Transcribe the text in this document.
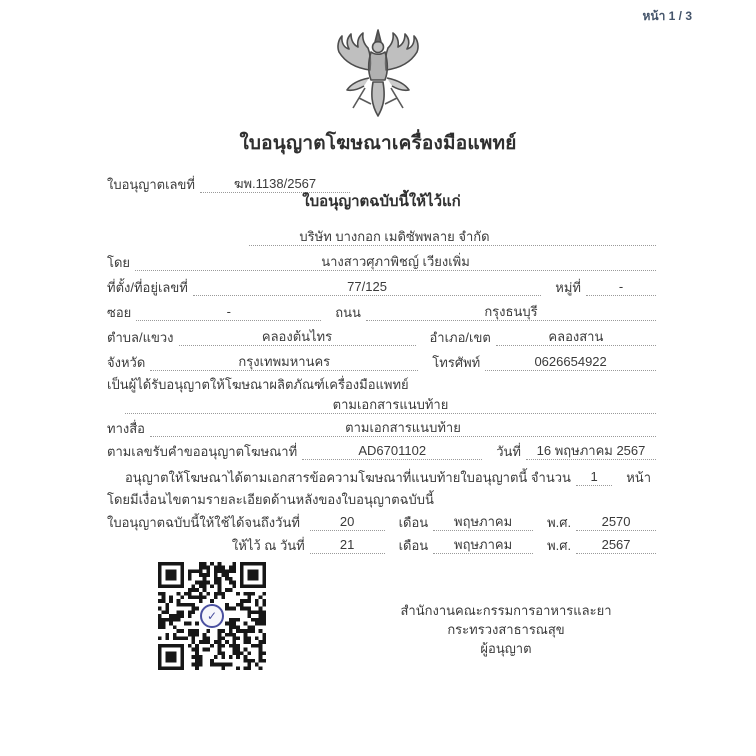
หน้า 1 / 3
ใบอนุญาตโฆษณาเครื่องมือแพทย์
ใบอนุญาตเลขที่	ฆพ.1138/2567
ใบอนุญาตฉบับนี้ให้ไว้แก่
บริษัท บางกอก เมดิซัพพลาย จำกัด
โดย	นางสาวศุภาพิชญ์ เวียงเพิ่ม
ที่ตั้ง/ที่อยู่เลขที่	77/125	หมู่ที่	-
ซอย	-	ถนน	กรุงธนบุรี
ตำบล/แขวง	คลองต้นไทร	อำเภอ/เขต	คลองสาน
จังหวัด	กรุงเทพมหานคร	โทรศัพท์	0626654922
เป็นผู้ได้รับอนุญาตให้โฆษณาผลิตภัณฑ์เครื่องมือแพทย์
ตามเอกสารแนบท้าย
ทางสื่อ	ตามเอกสารแนบท้าย
ตามเลขรับคำขออนุญาตโฆษณาที่	AD6701102	วันที่	16 พฤษภาคม 2567
อนุญาตให้โฆษณาได้ตามเอกสารข้อความโฆษณาที่แนบท้ายใบอนุญาตนี้ จำนวน	1	หน้า
โดยมีเงื่อนไขตามรายละเอียดด้านหลังของใบอนุญาตฉบับนี้
ใบอนุญาตฉบับนี้ให้ใช้ได้จนถึงวันที่	20	เดือน	พฤษภาคม	พ.ศ.	2570
ให้ไว้ ณ วันที่	21	เดือน	พฤษภาคม	พ.ศ.	2567
✓	สำนักงานคณะกรรมการอาหารและยา
กระทรวงสาธารณสุข
ผู้อนุญาต
